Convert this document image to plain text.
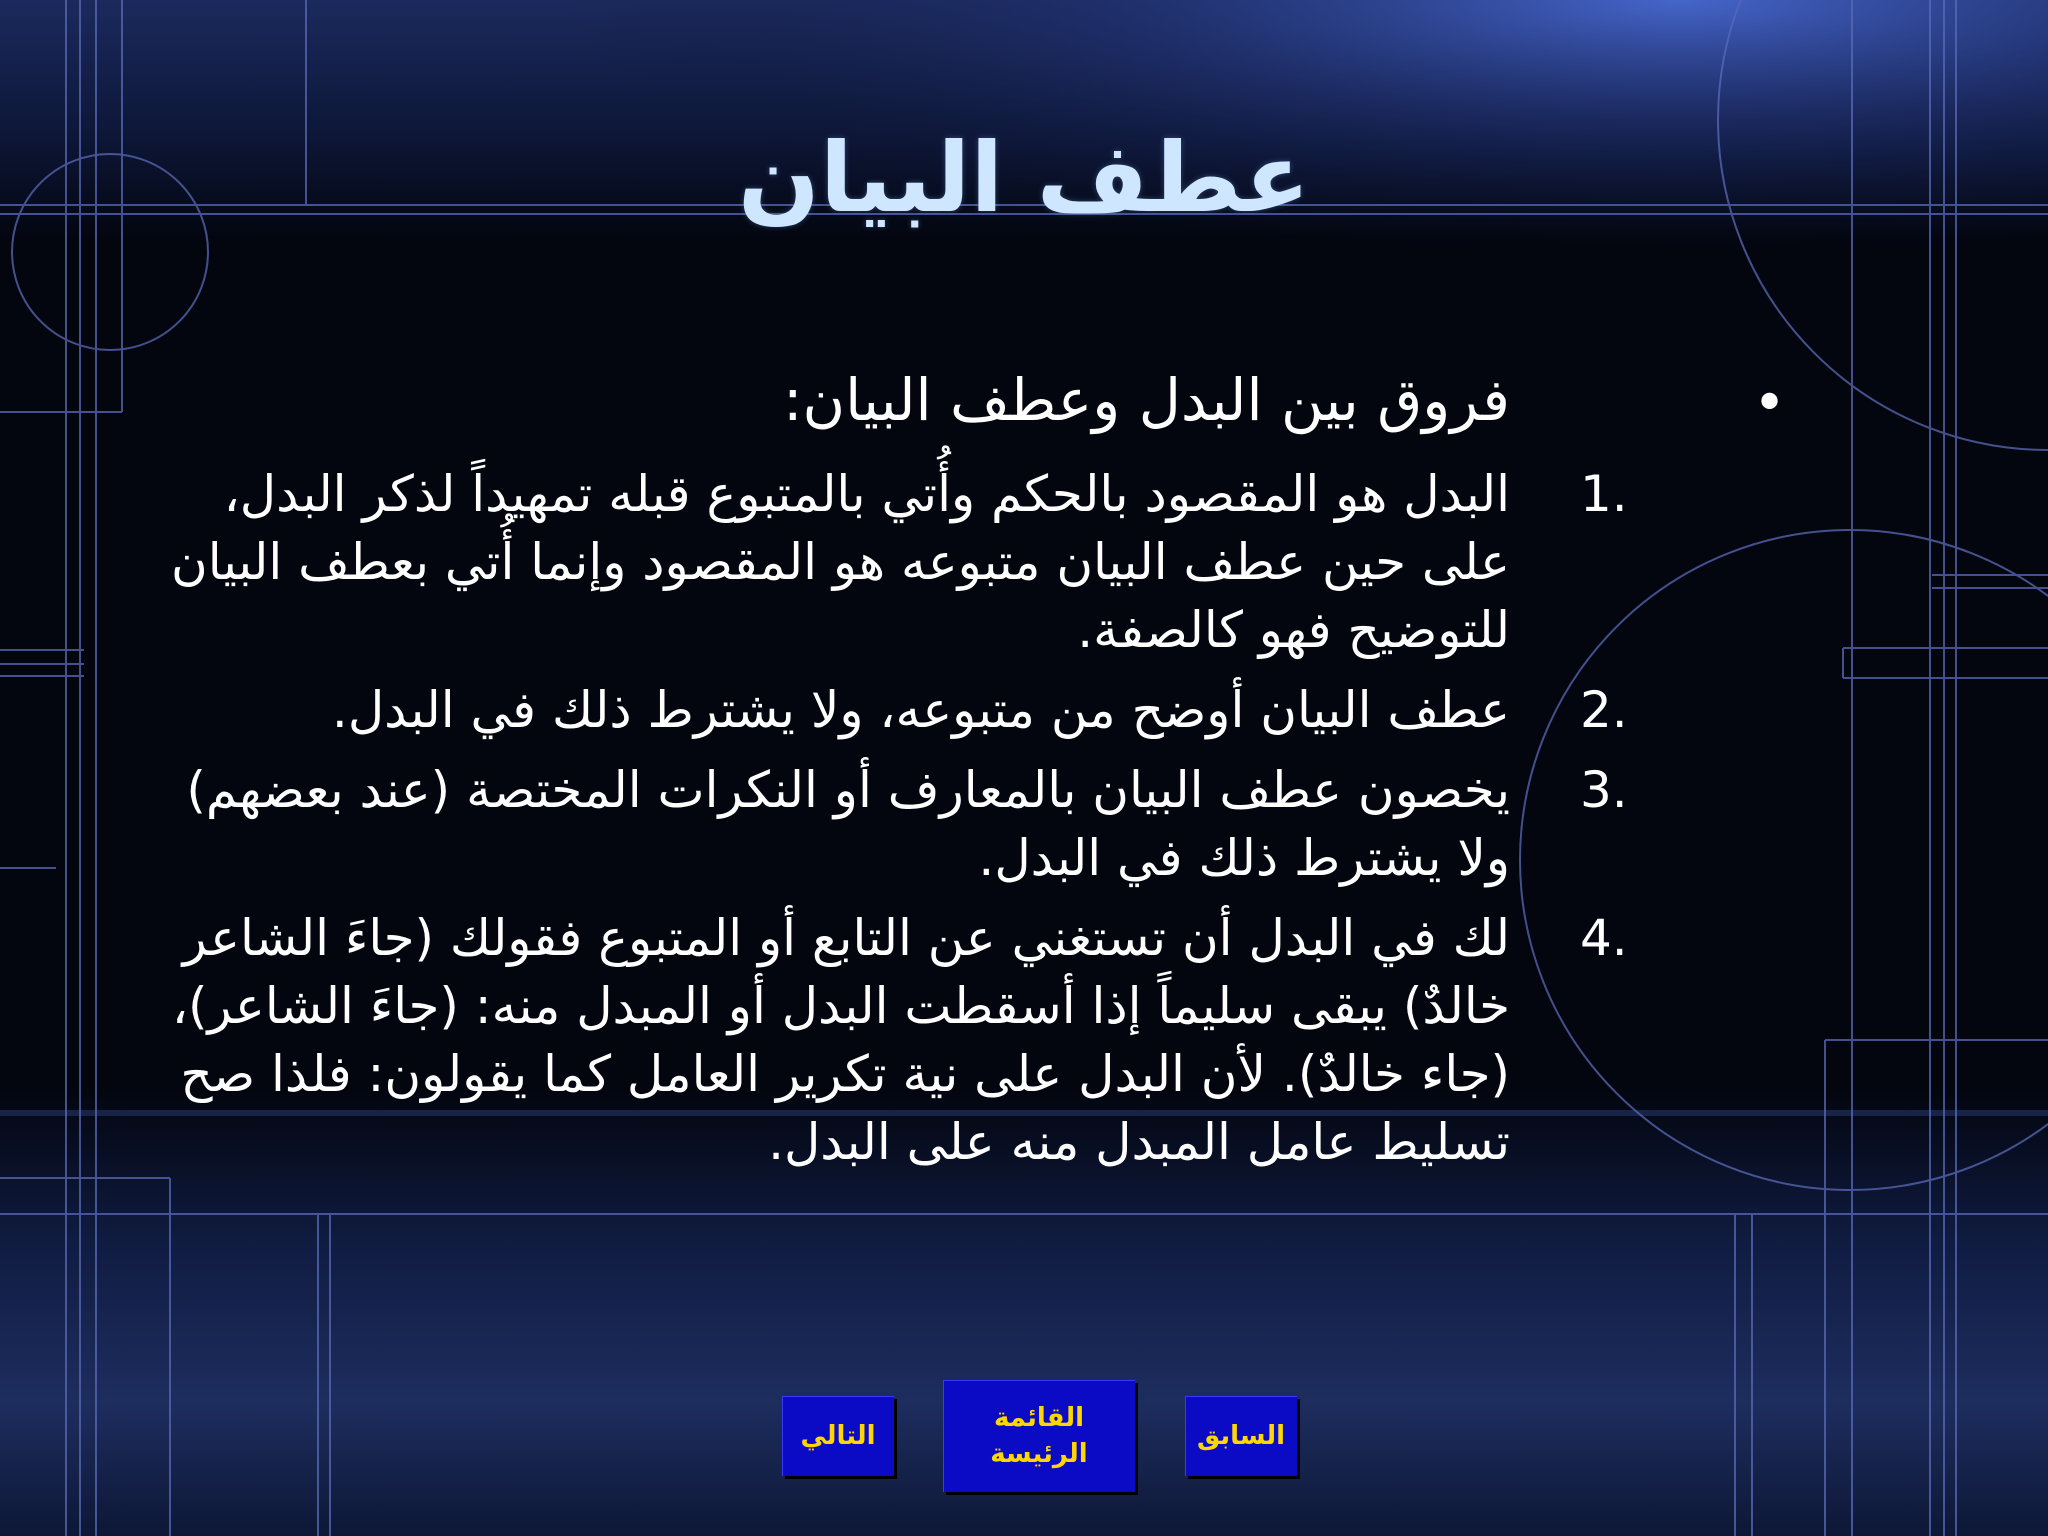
عطف البيان
•
فروق بين البدل وعطف البيان:
1.
البدل هو المقصود بالحكم وأُتي بالمتبوع قبله تمهيداً لذكر البدل، على حين عطف البيان متبوعه هو المقصود وإنما أُتي بعطف البيان للتوضيح فهو كالصفة.
2.
عطف البيان أوضح من متبوعه، ولا يشترط ذلك في البدل.
3.
يخصون عطف البيان بالمعارف أو النكرات المختصة (عند بعضهم) ولا يشترط ذلك في البدل.
4.
لك في البدل أن تستغني عن التابع أو المتبوع فقولك (جاءَ الشاعر خالدٌ) يبقى سليماً إذا أسقطت البدل أو المبدل منه: (جاءَ الشاعر)، (جاء خالدٌ). لأن البدل على نية تكرير العامل كما يقولون: فلذا صح تسليط عامل المبدل منه على البدل.
التالي
القائمة الرئيسة
السابق
